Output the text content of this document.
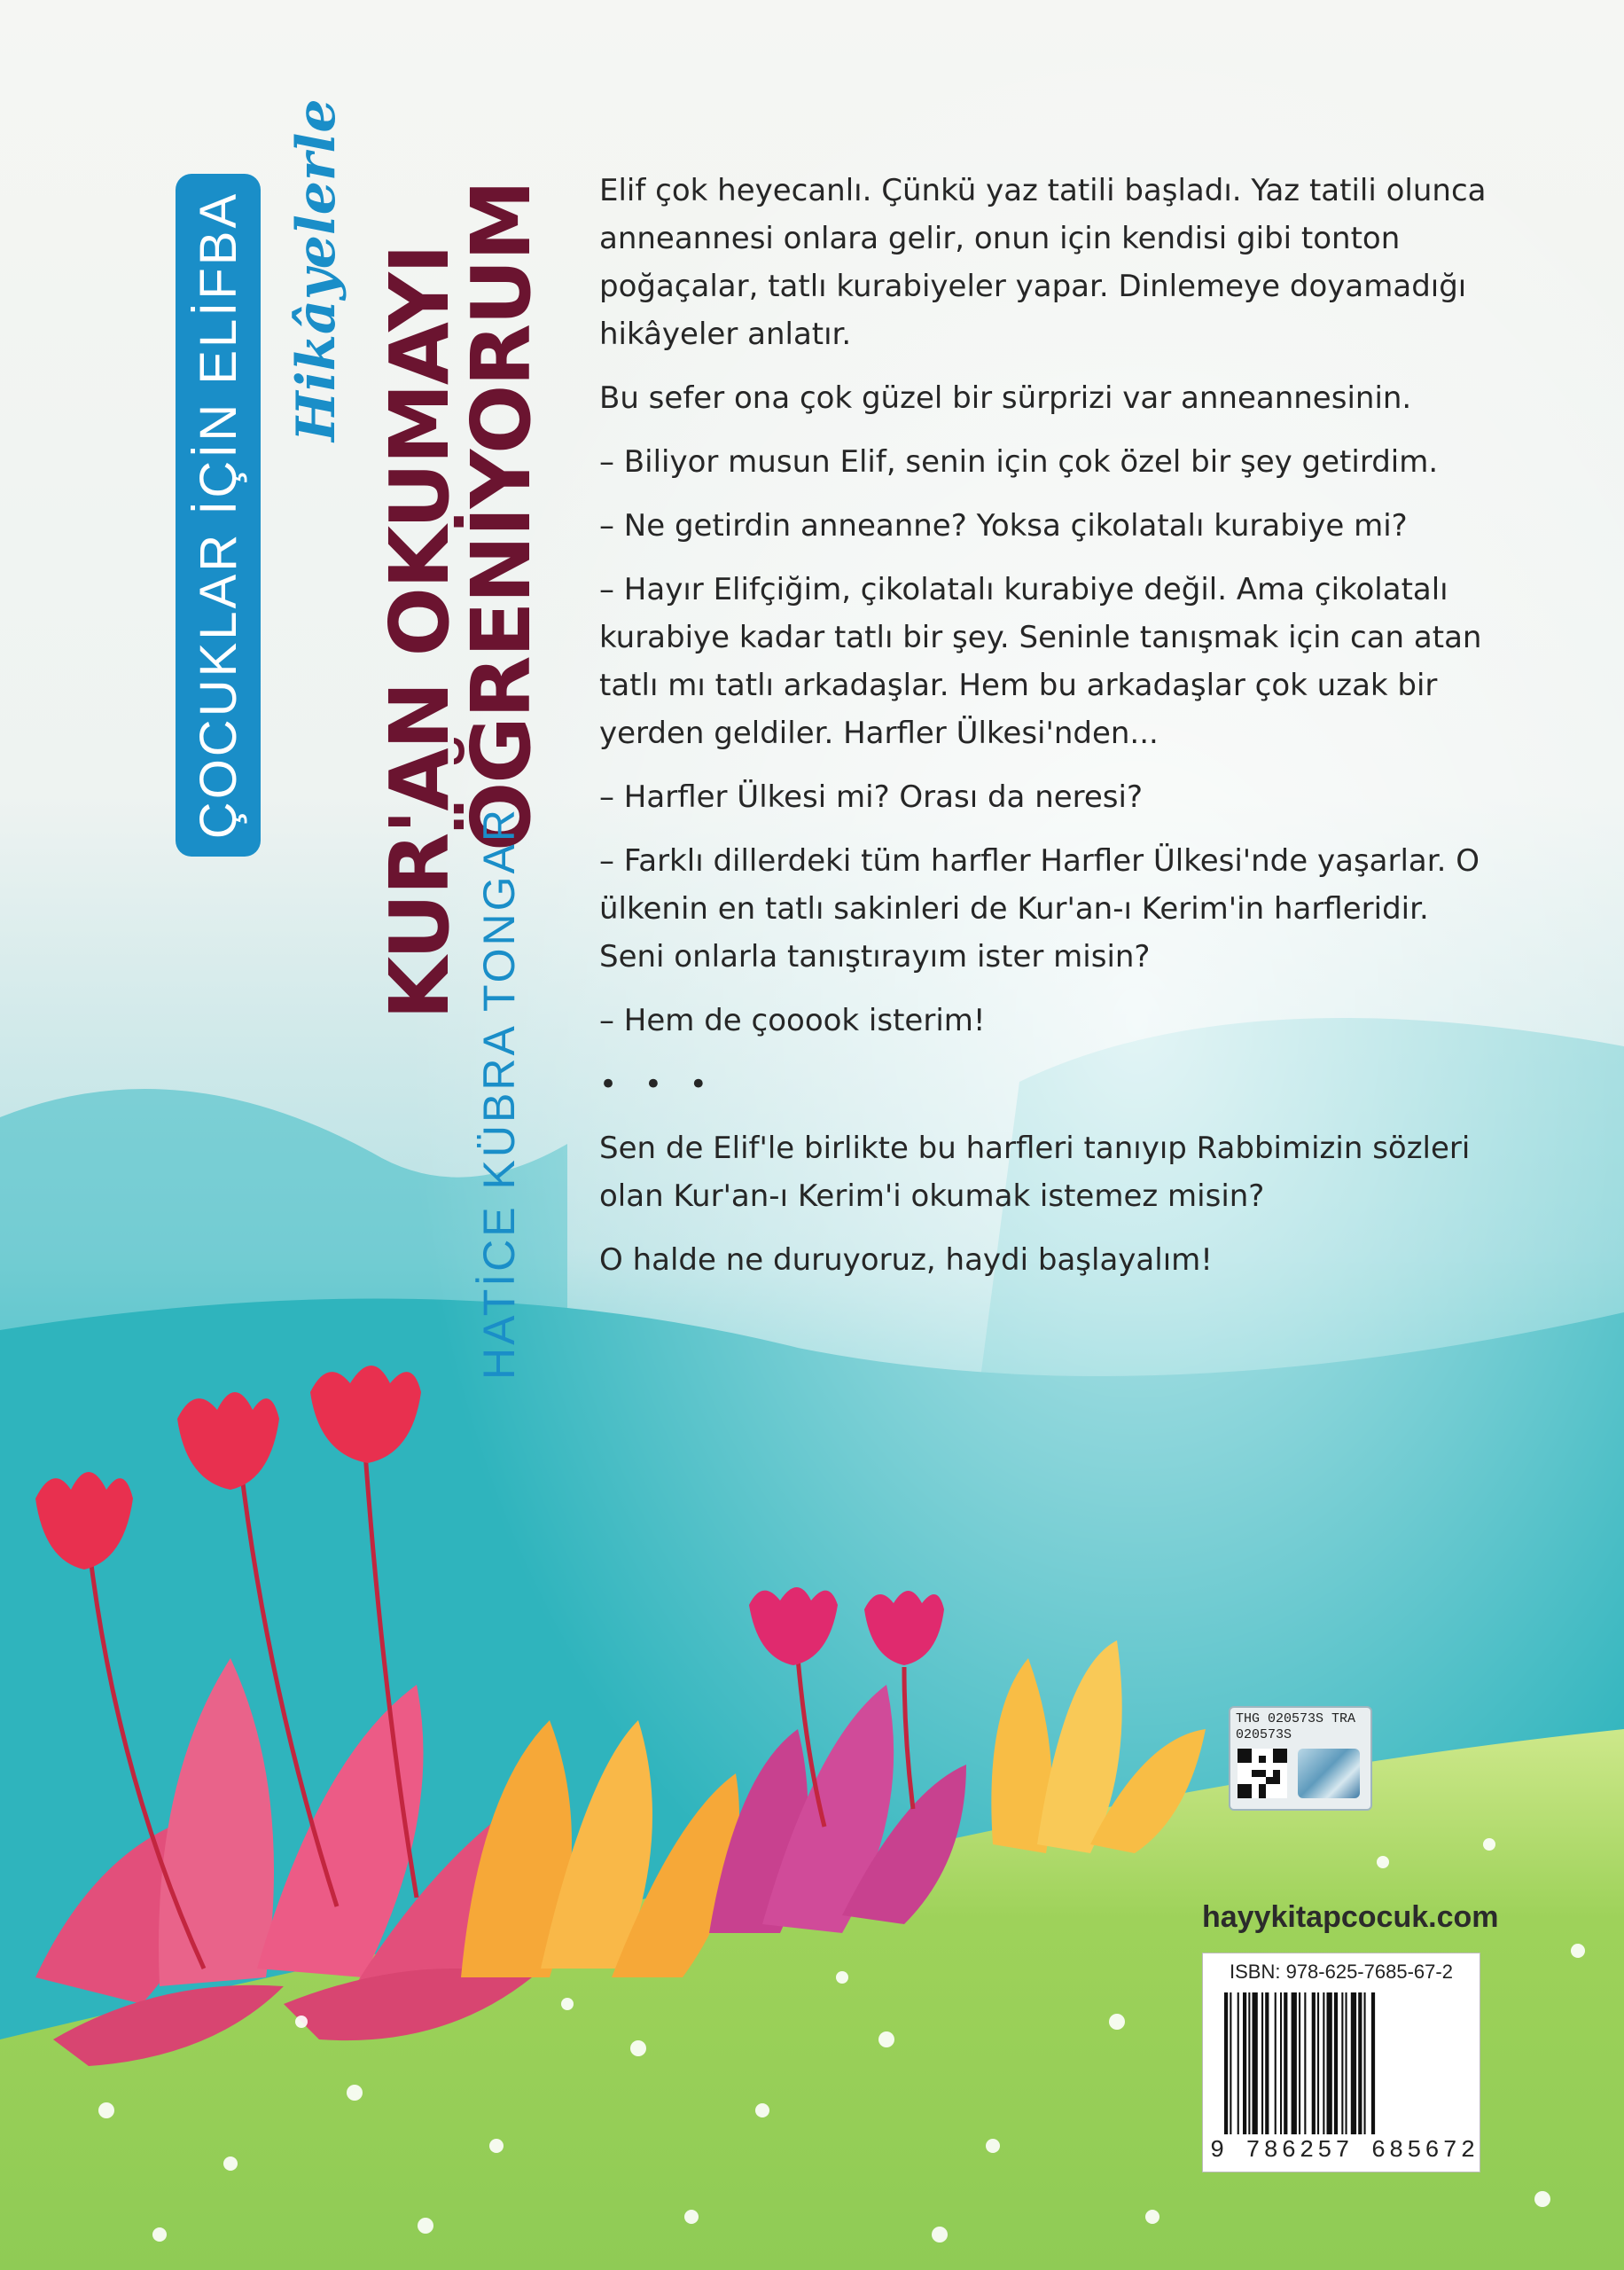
ÇOCUKLAR İÇİN ELİFBA Hikâyelerle KUR'AN OKUMAYI
ÖĞRENİYORUM
HATİCE KÜBRA TONGAR

Elif çok heyecanlı. Çünkü yaz tatili başladı. Yaz tatili olunca anneannesi onlara gelir, onun için kendisi gibi tonton poğaçalar, tatlı kurabiyeler yapar. Dinlemeye doyamadığı hikâyeler anlatır.

Bu sefer ona çok güzel bir sürprizi var anneannesinin.

– Biliyor musun Elif, senin için çok özel bir şey getirdim.

– Ne getirdin anneanne? Yoksa çikolatalı kurabiye mi?

– Hayır Elifçiğim, çikolatalı kurabiye değil. Ama çikolatalı kurabiye kadar tatlı bir şey. Seninle tanışmak için can atan tatlı mı tatlı arkadaşlar. Hem bu arkadaşlar çok uzak bir yerden geldiler. Harfler Ülkesi'nden...

– Harfler Ülkesi mi? Orası da neresi?

– Farklı dillerdeki tüm harfler Harfler Ülkesi'nde yaşarlar. O ülkenin en tatlı sakinleri de Kur'an-ı Kerim'in harfleridir. Seni onlarla tanıştırayım ister misin?

– Hem de çooook isterim!

• • •

Sen de Elif'le birlikte bu harfleri tanıyıp Rabbimizin sözleri olan Kur'an-ı Kerim'i okumak istemez misin?

O halde ne duruyoruz, haydi başlayalım!

THG 020573S TRA
020573S
hayykitapcocuk.com
ISBN: 978-625-7685-67-2
9 786257 685672
